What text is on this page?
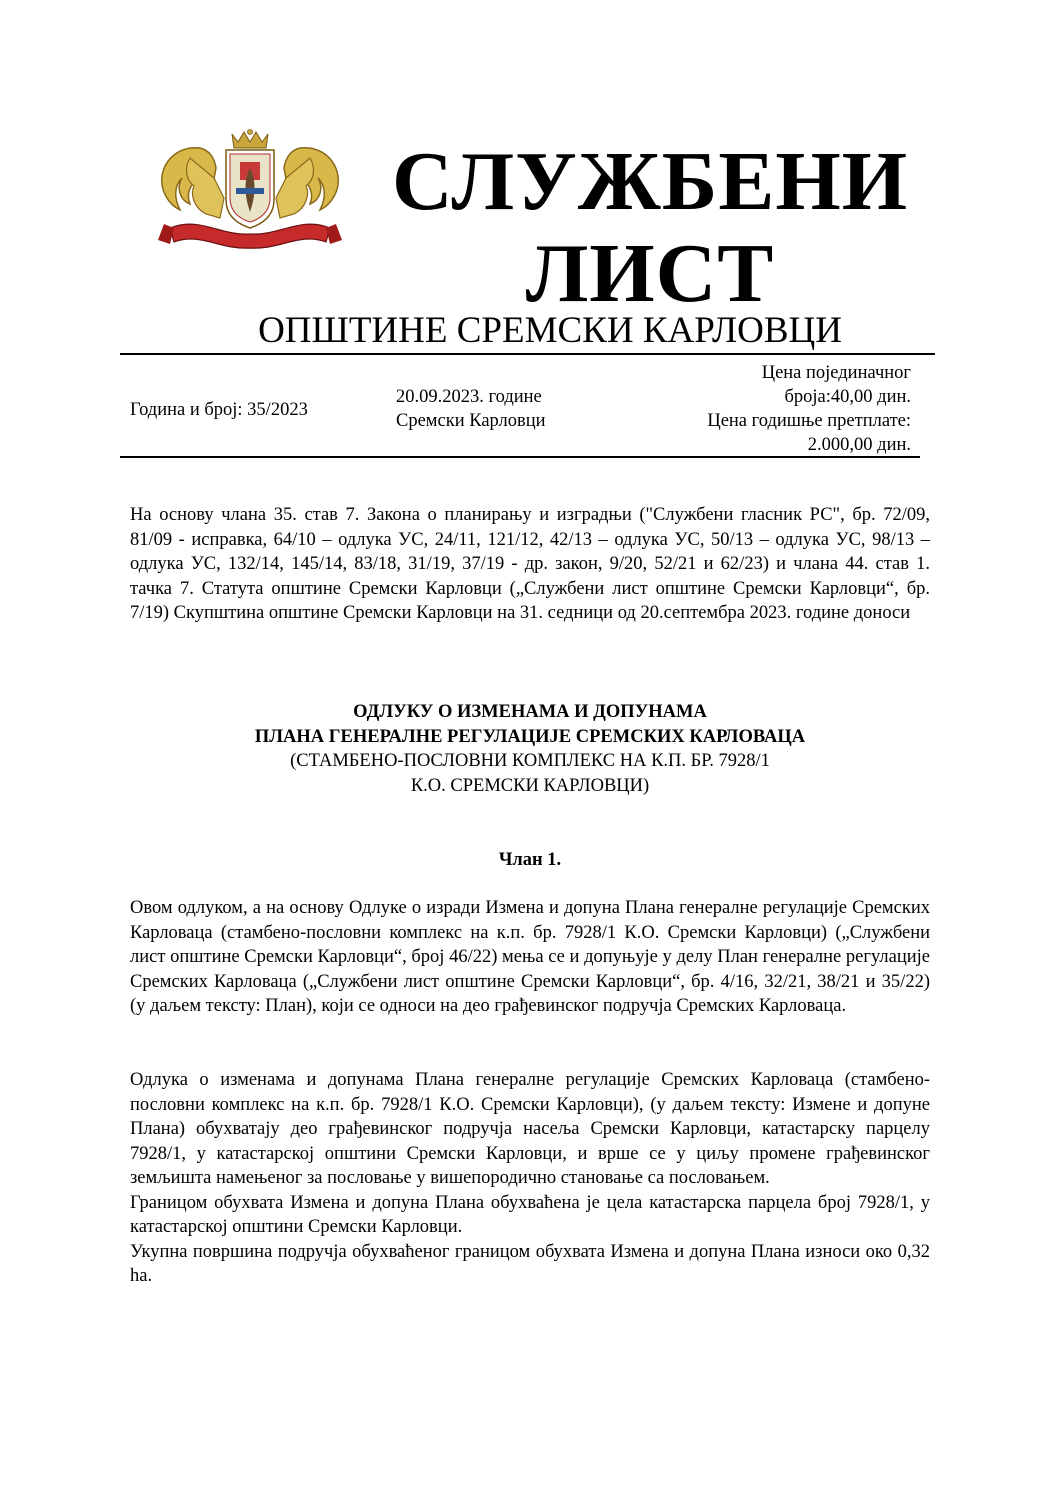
СЛУЖБЕНИ
ЛИСТ
ОПШТИНЕ СРЕМСКИ КАРЛОВЦИ
Година и број: 35/2023
20.09.2023. године
Сремски Карловци
Цена појединачног
броја:40,00 дин.
Цена годишње претплате:
2.000,00 дин.
На основу члана 35. став 7. Закона о планирању и изградњи ("Службени гласник РС", бр. 72/09, 81/09 - исправка, 64/10 – одлука УС, 24/11, 121/12, 42/13 – одлука УС, 50/13 – одлука УС, 98/13 – одлука УС, 132/14, 145/14, 83/18, 31/19, 37/19 - др. закон, 9/20, 52/21 и 62/23) и члана 44. став 1. тачка 7. Статута општине Сремски Карловци („Службени лист општине Сремски Карловци“, бр. 7/19) Скупштина општине Сремски Карловци на 31. седници од 20.септембра 2023. године доноси
ОДЛУКУ О ИЗМЕНАМА И ДОПУНАМА
ПЛАНА ГЕНЕРАЛНЕ РЕГУЛАЦИЈЕ СРЕМСКИХ КАРЛОВАЦА
(СТАМБЕНО-ПОСЛОВНИ КОМПЛЕКС НА К.П. БР. 7928/1
К.О. СРЕМСКИ КАРЛОВЦИ)
Члан 1.
Овом одлуком, а на основу Одлуке о изради Измена и допуна Плана генералне регулације Сремских Карловаца (стамбено-пословни комплекс на к.п. бр. 7928/1 К.О. Сремски Карловци) („Службени лист општине Сремски Карловци“, број 46/22) мења се и допуњује у делу План генералне регулације Сремских Карловаца („Службени лист општине Сремски Карловци“, бр. 4/16, 32/21, 38/21 и 35/22) (у даљем тексту: План), који се односи на део грађевинског подручја Сремских Карловаца.
Одлука о изменама и допунама Плана генералне регулације Сремских Карловаца (стамбено-пословни комплекс на к.п. бр. 7928/1 К.О. Сремски Карловци), (у даљем тексту: Измене и допуне Плана) обухватају део грађевинског подручја насеља Сремски Карловци, катастарску парцелу 7928/1, у катастарској општини Сремски Карловци, и врше се у циљу промене грађевинског земљишта намењеног за пословање у вишепородично становање са пословањем.
Границом обухвата Измена и допуна Плана обухваћена је цела катастарска парцела број 7928/1, у катастарској општини Сремски Карловци.
Укупна површина подручја обухваћеног границом обухвата Измена и допуна Плана износи око 0,32 ha.
